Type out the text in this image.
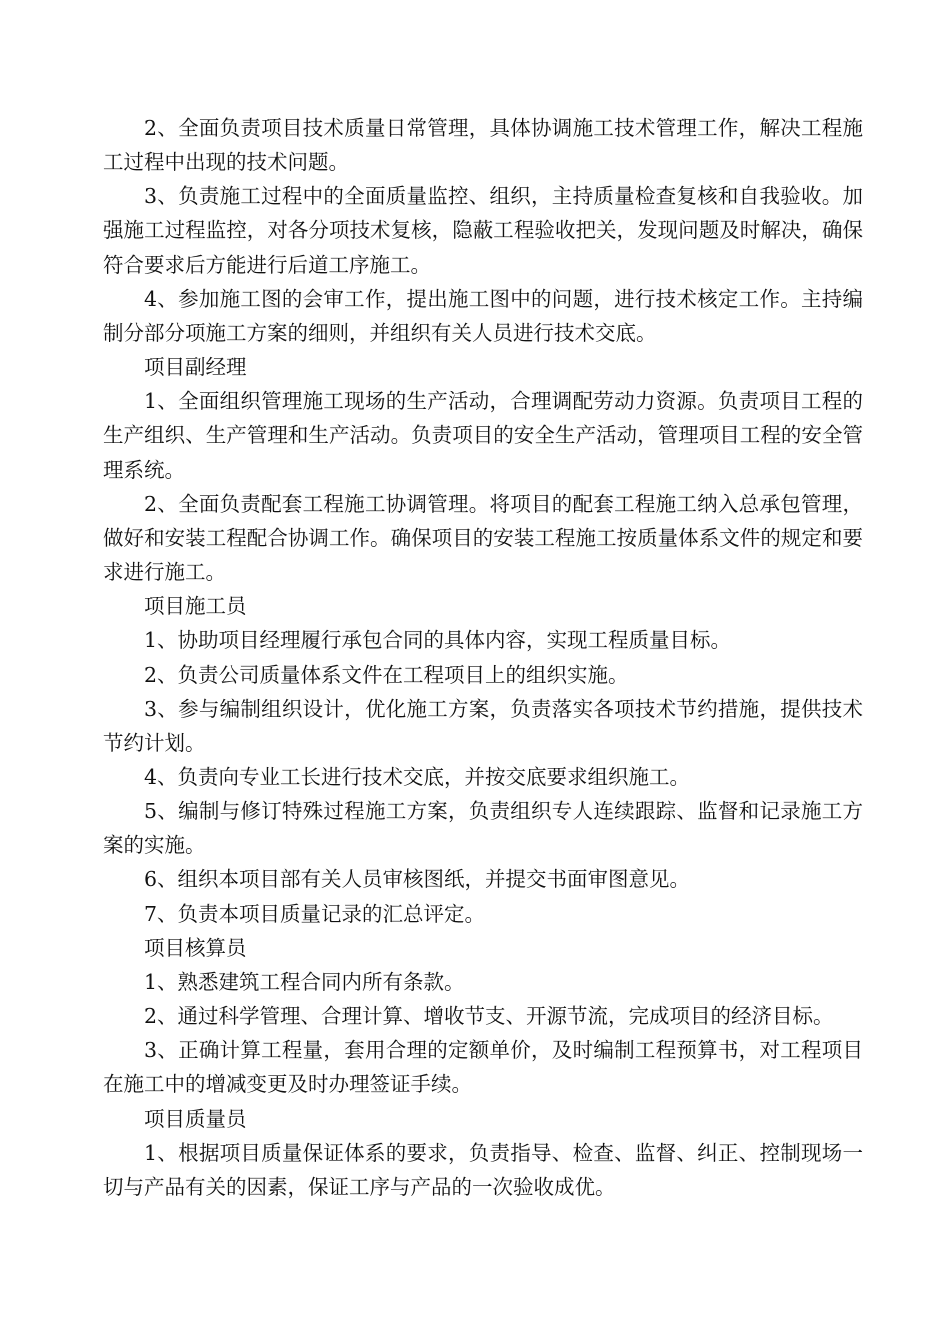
2、全面负责项目技术质量日常管理，具体协调施工技术管理工作，解决工程施工过程中出现的技术问题。

3、负责施工过程中的全面质量监控、组织，主持质量检查复核和自我验收。加强施工过程监控，对各分项技术复核，隐蔽工程验收把关，发现问题及时解决，确保符合要求后方能进行后道工序施工。

4、参加施工图的会审工作，提出施工图中的问题，进行技术核定工作。主持编制分部分项施工方案的细则，并组织有关人员进行技术交底。

项目副经理

1、全面组织管理施工现场的生产活动，合理调配劳动力资源。负责项目工程的生产组织、生产管理和生产活动。负责项目的安全生产活动，管理项目工程的安全管理系统。

2、全面负责配套工程施工协调管理。将项目的配套工程施工纳入总承包管理，做好和安装工程配合协调工作。确保项目的安装工程施工按质量体系文件的规定和要求进行施工。

项目施工员

1、协助项目经理履行承包合同的具体内容，实现工程质量目标。

2、负责公司质量体系文件在工程项目上的组织实施。

3、参与编制组织设计，优化施工方案，负责落实各项技术节约措施，提供技术节约计划。

4、负责向专业工长进行技术交底，并按交底要求组织施工。

5、编制与修订特殊过程施工方案，负责组织专人连续跟踪、监督和记录施工方案的实施。

6、组织本项目部有关人员审核图纸，并提交书面审图意见。

7、负责本项目质量记录的汇总评定。

项目核算员

1、熟悉建筑工程合同内所有条款。

2、通过科学管理、合理计算、增收节支、开源节流，完成项目的经济目标。

3、正确计算工程量，套用合理的定额单价，及时编制工程预算书，对工程项目在施工中的增减变更及时办理签证手续。

项目质量员

1、根据项目质量保证体系的要求，负责指导、检查、监督、纠正、控制现场一切与产品有关的因素，保证工序与产品的一次验收成优。
